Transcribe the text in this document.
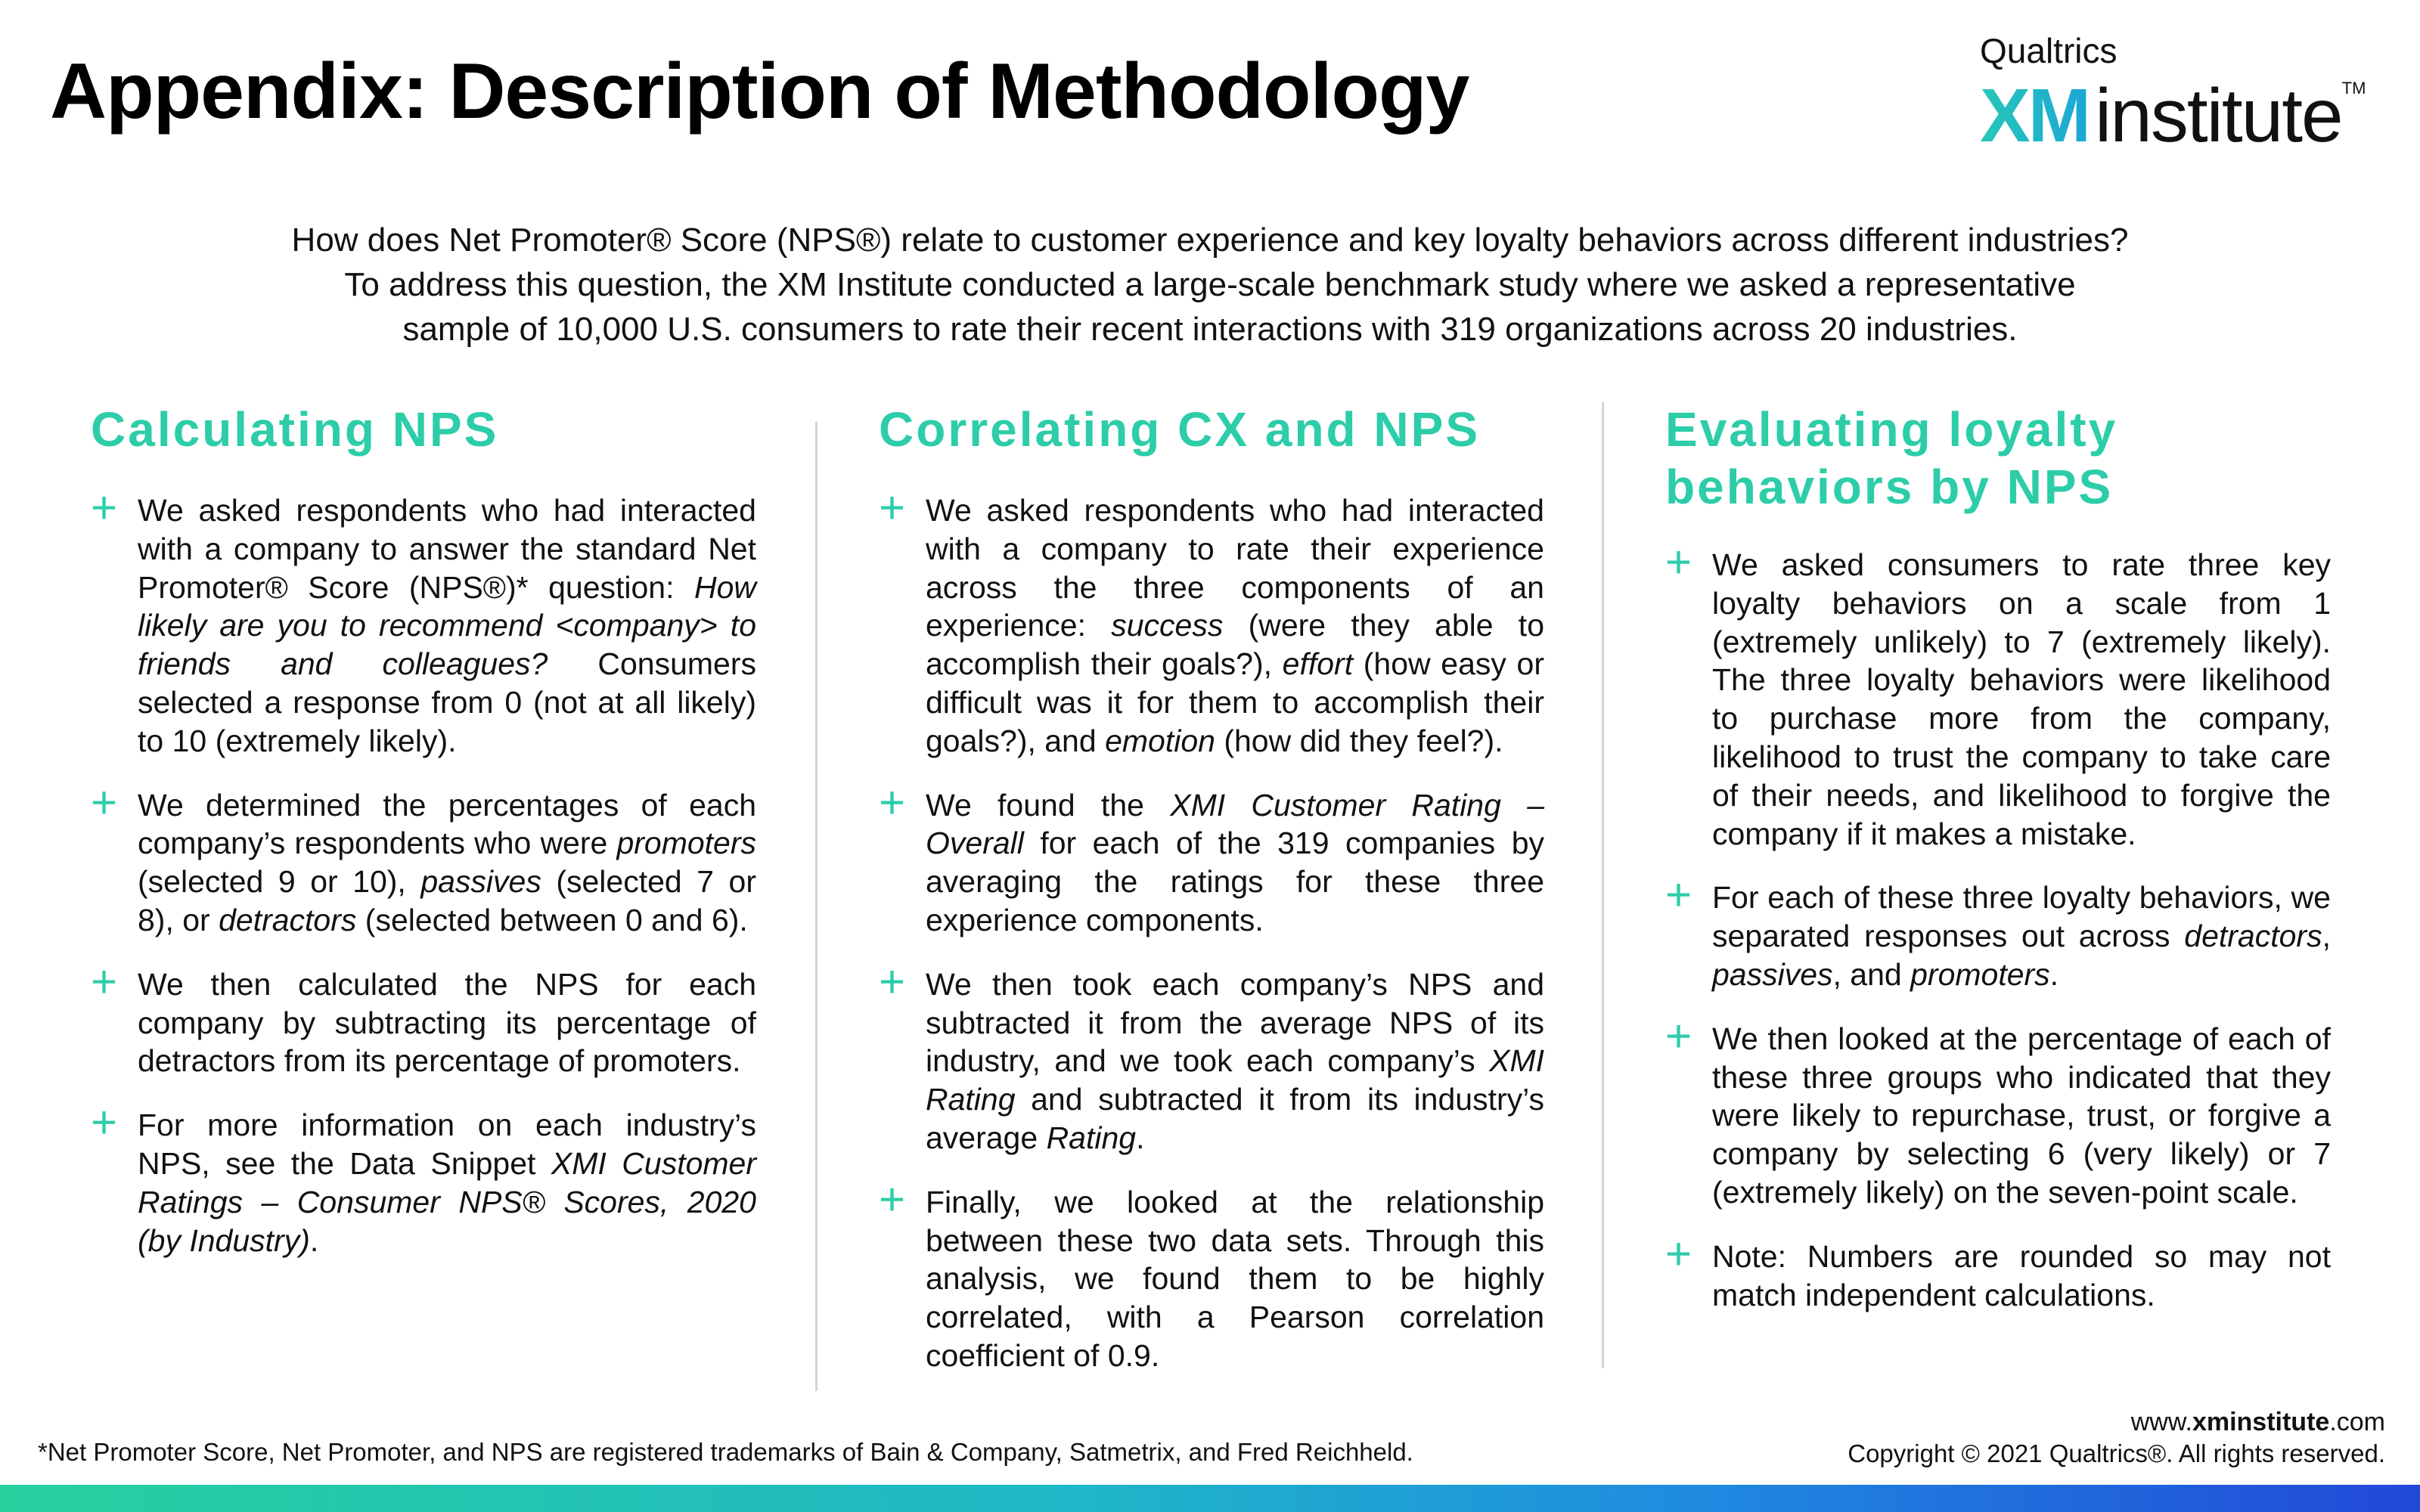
Appendix: Description of Methodology	Qualtrics
XMinstituteTM
How does Net Promoter® Score (NPS®) relate to customer experience and key loyalty behaviors across different industries?
To address this question, the XM Institute conducted a large-scale benchmark study where we asked a representative
sample of 10,000 U.S. consumers to rate their recent interactions with 319 organizations across 20 industries.
Calculating NPS
+ We asked respondents who had interacted with a company to answer the standard Net Promoter® Score (NPS®)* question: How likely are you to recommend <company> to friends and colleagues? Consumers selected a response from 0 (not at all likely) to 10 (extremely likely).
+ We determined the percentages of each company’s respondents who were promoters (selected 9 or 10), passives (selected 7 or 8), or detractors (selected between 0 and 6).
+ We then calculated the NPS for each company by subtracting its percentage of detractors from its percentage of promoters.
+ For more information on each industry’s NPS, see the Data Snippet XMI Customer Ratings – Consumer NPS® Scores, 2020 (by Industry).
Correlating CX and NPS
+ We asked respondents who had interacted with a company to rate their experience across the three components of an experience: success (were they able to accomplish their goals?), effort (how easy or difficult was it for them to accomplish their goals?), and emotion (how did they feel?).
+ We found the XMI Customer Rating – Overall for each of the 319 companies by averaging the ratings for these three experience components.
+ We then took each company’s NPS and subtracted it from the average NPS of its industry, and we took each company’s XMI Rating and subtracted it from its industry’s average Rating.
+ Finally, we looked at the relationship between these two data sets. Through this analysis, we found them to be highly correlated, with a Pearson correlation coefficient of 0.9.
Evaluating loyalty
behaviors by NPS
+ We asked consumers to rate three key loyalty behaviors on a scale from 1 (extremely unlikely) to 7 (extremely likely). The three loyalty behaviors were likelihood to purchase more from the company, likelihood to trust the company to take care of their needs, and likelihood to forgive the company if it makes a mistake.
+ For each of these three loyalty behaviors, we separated responses out across detractors, passives, and promoters.
+ We then looked at the percentage of each of these three groups who indicated that they were likely to repurchase, trust, or forgive a company by selecting 6 (very likely) or 7 (extremely likely) on the seven-point scale.
+ Note: Numbers are rounded so may not match independent calculations.
*Net Promoter Score, Net Promoter, and NPS are registered trademarks of Bain & Company, Satmetrix, and Fred Reichheld.
www.xminstitute.com
Copyright © 2021 Qualtrics®. All rights reserved.
